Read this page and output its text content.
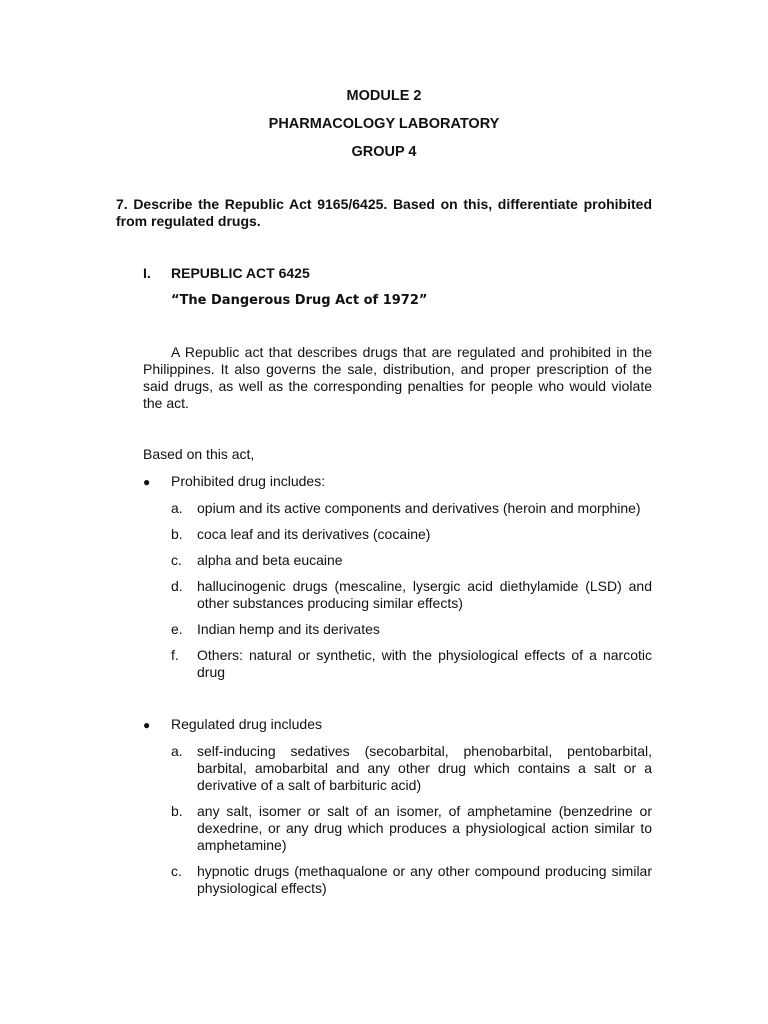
MODULE 2
PHARMACOLOGY LABORATORY
GROUP 4
7. Describe the Republic Act 9165/6425. Based on this, differentiate prohibited from regulated drugs.
I. REPUBLIC ACT 6425
“The Dangerous Drug Act of 1972”
A Republic act that describes drugs that are regulated and prohibited in the Philippines. It also governs the sale, distribution, and proper prescription of the said drugs, as well as the corresponding penalties for people who would violate the act.
Based on this act,
● Prohibited drug includes:
a. opium and its active components and derivatives (heroin and morphine)
b. coca leaf and its derivatives (cocaine)
c. alpha and beta eucaine
d. hallucinogenic drugs (mescaline, lysergic acid diethylamide (LSD) and other substances producing similar effects)
e. Indian hemp and its derivates
f. Others: natural or synthetic, with the physiological effects of a narcotic drug
● Regulated drug includes
a. self-inducing sedatives (secobarbital, phenobarbital, pentobarbital, barbital, amobarbital and any other drug which contains a salt or a derivative of a salt of barbituric acid)
b. any salt, isomer or salt of an isomer, of amphetamine (benzedrine or dexedrine, or any drug which produces a physiological action similar to amphetamine)
c. hypnotic drugs (methaqualone or any other compound producing similar physiological effects)
